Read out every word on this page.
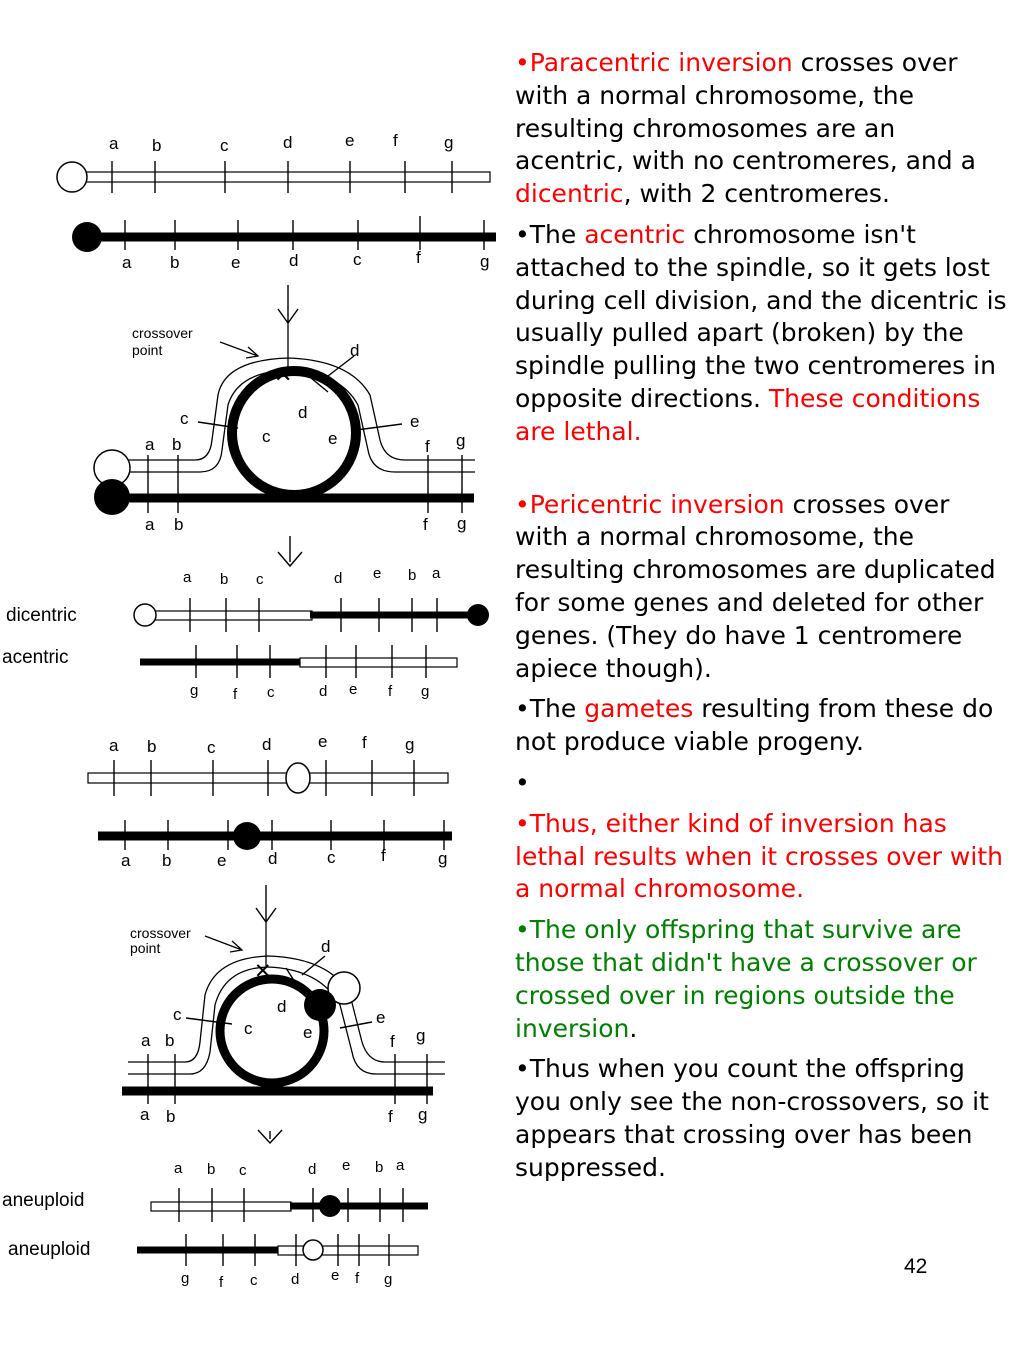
a b	c	d	e f	g
a b	e	d	c	f	g
crossover
point
✕
a b
c
c
d
d
e
e
f g
a b	f g
dicentric
acentric
a b c	d e b a
g f c	d e f g
a b	c	d	e f g
a b	e d	c	f	g
crossover
point
✕
a b
c
c
d
d
e
e
f g
a b	f g
aneuploid
aneuploid
a b c	d e b a
g f c d e f g

•Paracentric inversion crosses over with a normal chromosome, the resulting chromosomes are an acentric, with no centromeres, and a dicentric, with 2 centromeres.

•The acentric chromosome isn't attached to the spindle, so it gets lost during cell division, and the dicentric is usually pulled apart (broken) by the spindle pulling the two centromeres in opposite directions. These conditions are lethal.

•Pericentric inversion crosses over with a normal chromosome, the resulting chromosomes are duplicated for some genes and deleted for other genes. (They do have 1 centromere apiece though).

•The gametes resulting from these do not produce viable progeny.

•

•Thus, either kind of inversion has lethal results when it crosses over with a normal chromosome.

•The only offspring that survive are those that didn't have a crossover or crossed over in regions outside the inversion.

•Thus when you count the offspring you only see the non-crossovers, so it appears that crossing over has been suppressed.

42
